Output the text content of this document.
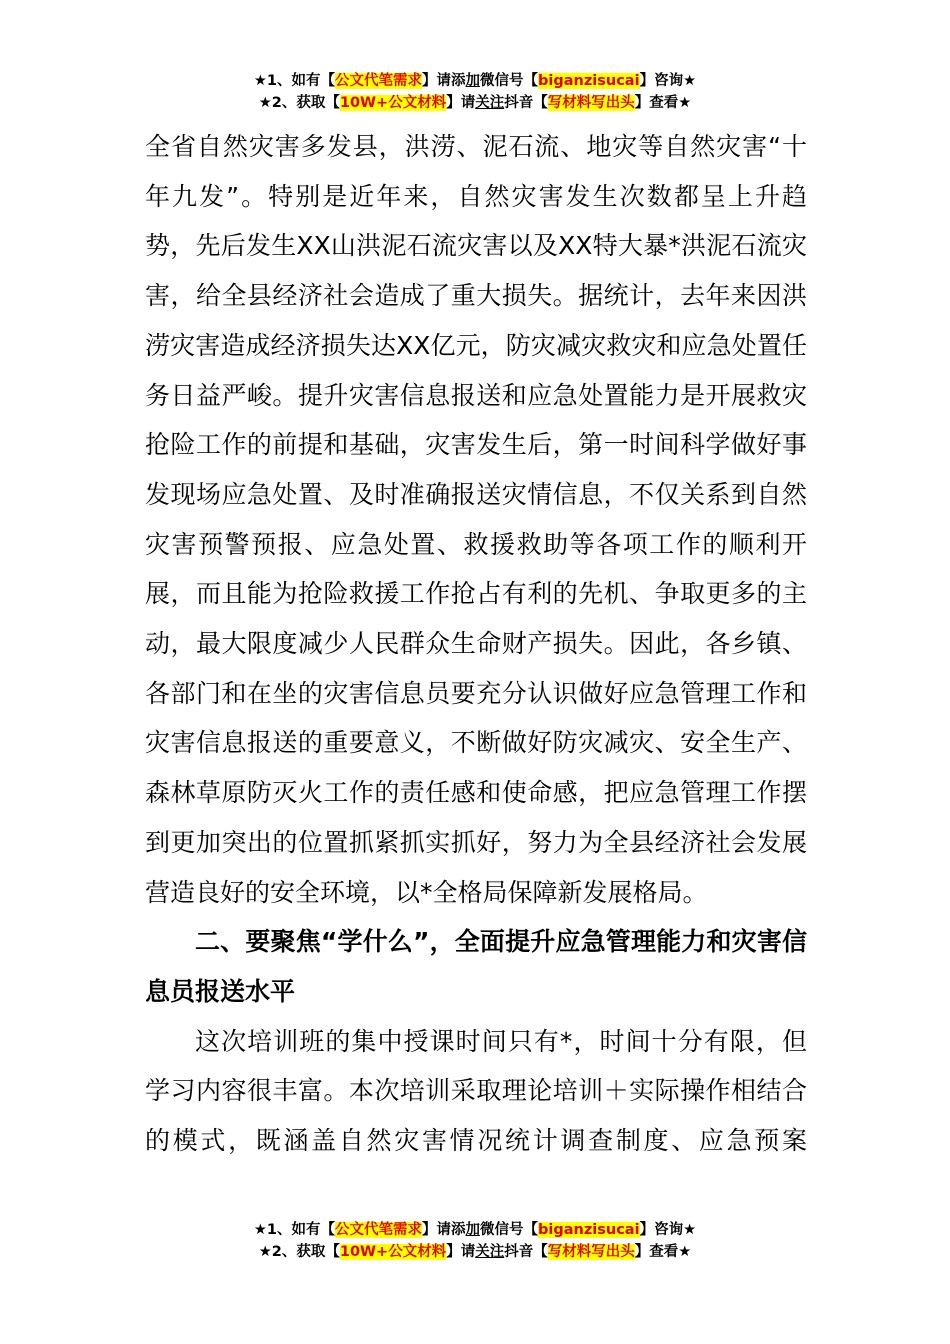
★1、如有【公文代笔需求】请添加微信号【biganzisucai】咨询★
★2、获取【10W+公文材料】请关注抖音【写材料写出头】查看★

全省自然灾害多发县，洪涝、泥石流、地灾等自然灾害“十年九发”。特别是近年来，自然灾害发生次数都呈上升趋势，先后发生XX山洪泥石流灾害以及XX特大暴*洪泥石流灾害，给全县经济社会造成了重大损失。据统计，去年来因洪涝灾害造成经济损失达XX亿元，防灾减灾救灾和应急处置任务日益严峻。提升灾害信息报送和应急处置能力是开展救灾抢险工作的前提和基础，灾害发生后，第一时间科学做好事发现场应急处置、及时准确报送灾情信息，不仅关系到自然灾害预警预报、应急处置、救援救助等各项工作的顺利开展，而且能为抢险救援工作抢占有利的先机、争取更多的主动，最大限度减少人民群众生命财产损失。因此，各乡镇、各部门和在坐的灾害信息员要充分认识做好应急管理工作和灾害信息报送的重要意义，不断做好防灾减灾、安全生产、森林草原防灭火工作的责任感和使命感，把应急管理工作摆到更加突出的位置抓紧抓实抓好，努力为全县经济社会发展营造良好的安全环境，以*全格局保障新发展格局。

二、要聚焦“学什么”，全面提升应急管理能力和灾害信息员报送水平

这次培训班的集中授课时间只有*，时间十分有限，但学习内容很丰富。本次培训采取理论培训＋实际操作相结合的模式，既涵盖自然灾害情况统计调查制度、应急预案

★1、如有【公文代笔需求】请添加微信号【biganzisucai】咨询★
★2、获取【10W+公文材料】请关注抖音【写材料写出头】查看★
